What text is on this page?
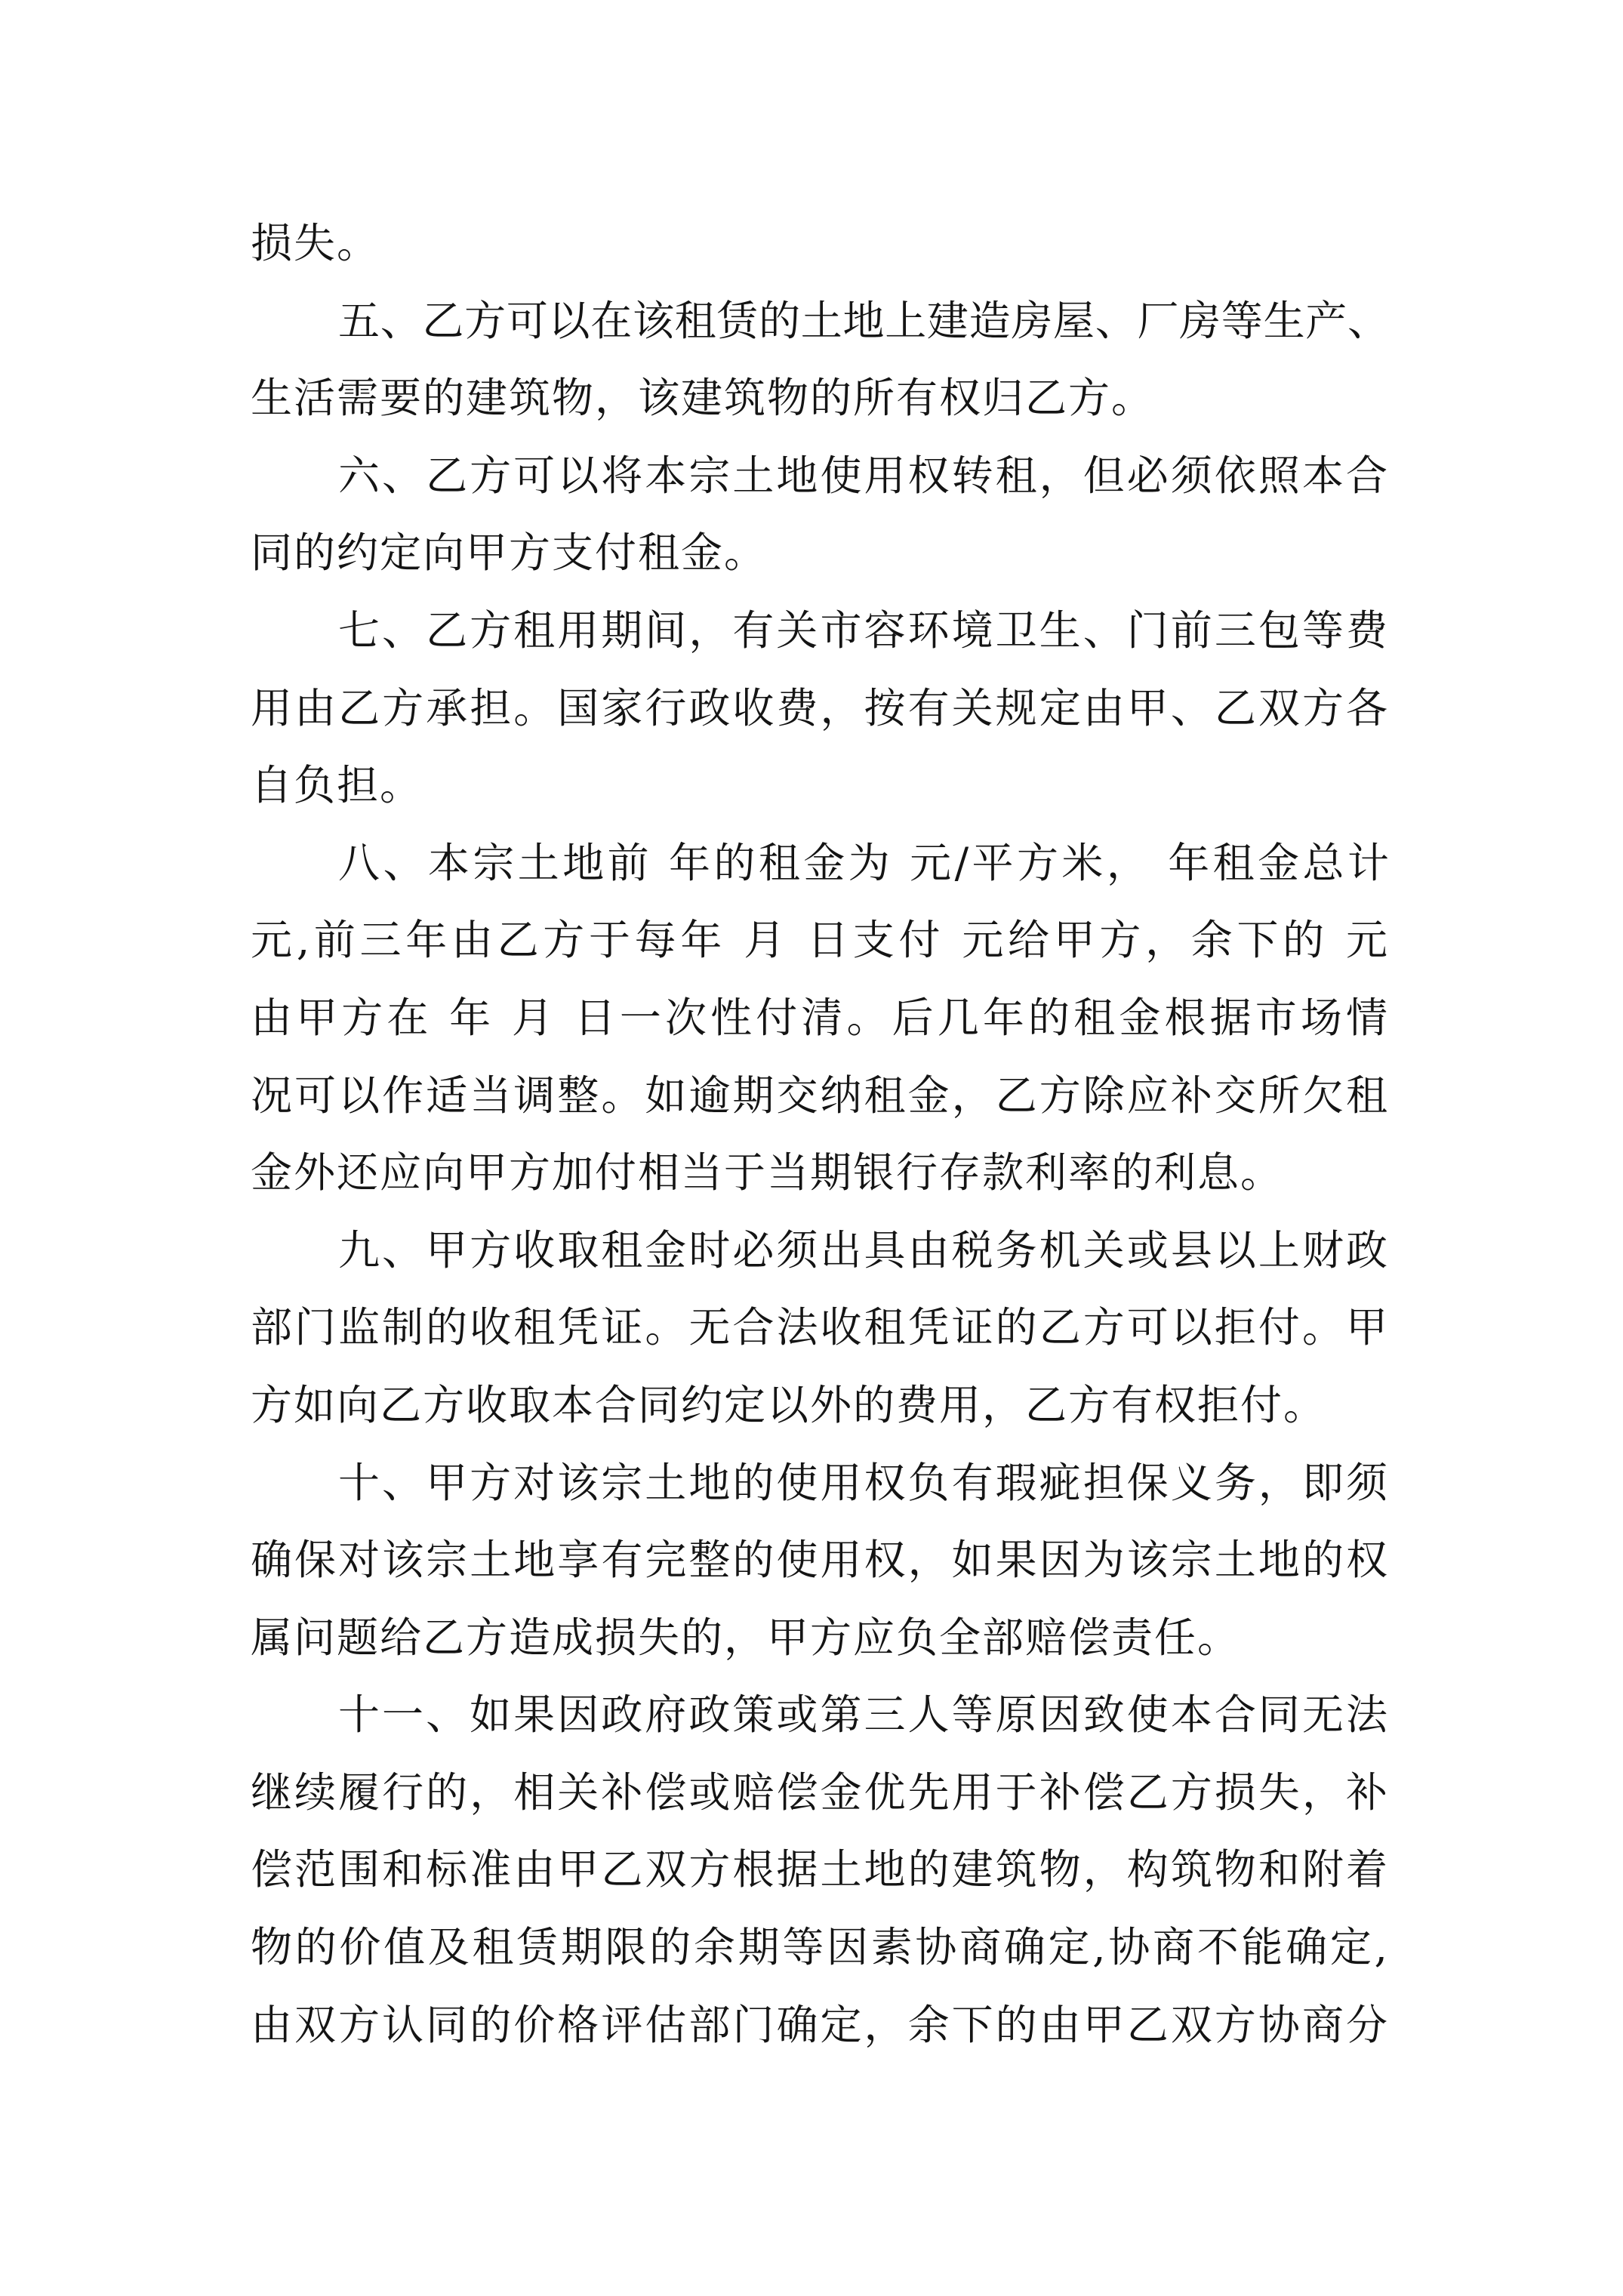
损失。
五、乙方可以在该租赁的土地上建造房屋、厂房等生产、
生活需要的建筑物，该建筑物的所有权归乙方。
六、乙方可以将本宗土地使用权转租，但必须依照本合
同的约定向甲方支付租金。
七、乙方租用期间，有关市容环境卫生、门前三包等费
用由乙方承担。国家行政收费，按有关规定由甲、乙双方各
自负担。
八、本宗土地前 年的租金为 元/平方米， 年租金总计
元,前三年由乙方于每年 月 日支付 元给甲方，余下的 元
由甲方在 年 月 日一次性付清。后几年的租金根据市场情
况可以作适当调整。如逾期交纳租金，乙方除应补交所欠租
金外还应向甲方加付相当于当期银行存款利率的利息。
九、甲方收取租金时必须出具由税务机关或县以上财政
部门监制的收租凭证。无合法收租凭证的乙方可以拒付。甲
方如向乙方收取本合同约定以外的费用，乙方有权拒付。
十、甲方对该宗土地的使用权负有瑕疵担保义务，即须
确保对该宗土地享有完整的使用权，如果因为该宗土地的权
属问题给乙方造成损失的，甲方应负全部赔偿责任。
十一、如果因政府政策或第三人等原因致使本合同无法
继续履行的，相关补偿或赔偿金优先用于补偿乙方损失，补
偿范围和标准由甲乙双方根据土地的建筑物，构筑物和附着
物的价值及租赁期限的余期等因素协商确定,协商不能确定,
由双方认同的价格评估部门确定，余下的由甲乙双方协商分
